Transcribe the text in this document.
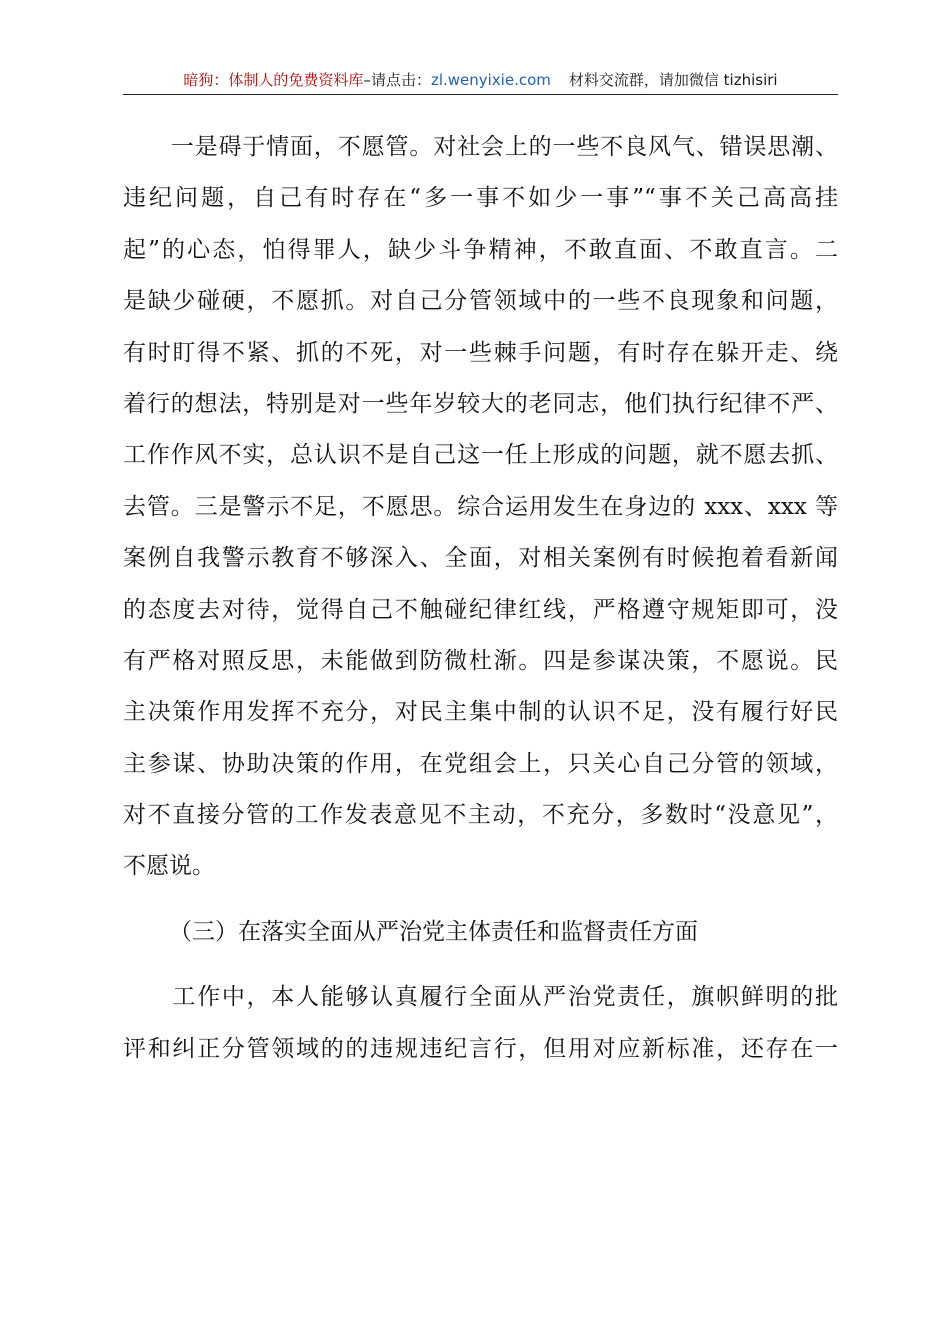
暗狗：体制人的免费资料库–请点击：zl.wenyixie.com 材料交流群，请加微信 tizhisiri
　　一是碍于情面，不愿管。对社会上的一些不良风气、错误思潮、
违纪问题，自己有时存在“多一事不如少一事”“事不关己高高挂
起”的心态，怕得罪人，缺少斗争精神，不敢直面、不敢直言。二
是缺少碰硬，不愿抓。对自己分管领域中的一些不良现象和问题，
有时盯得不紧、抓的不死，对一些棘手问题，有时存在躲开走、绕
着行的想法，特别是对一些年岁较大的老同志，他们执行纪律不严、
工作作风不实，总认识不是自己这一任上形成的问题，就不愿去抓、
去管。三是警示不足，不愿思。综合运用发生在身边的 xxx、xxx 等
案例自我警示教育不够深入、全面，对相关案例有时候抱着看新闻
的态度去对待，觉得自己不触碰纪律红线，严格遵守规矩即可，没
有严格对照反思，未能做到防微杜渐。四是参谋决策，不愿说。民
主决策作用发挥不充分，对民主集中制的认识不足，没有履行好民
主参谋、协助决策的作用，在党组会上，只关心自己分管的领域，
对不直接分管的工作发表意见不主动，不充分，多数时“没意见”，
不愿说。
（三）在落实全面从严治党主体责任和监督责任方面
　　工作中，本人能够认真履行全面从严治党责任，旗帜鲜明的批
评和纠正分管领域的的违规违纪言行，但用对应新标准，还存在一
